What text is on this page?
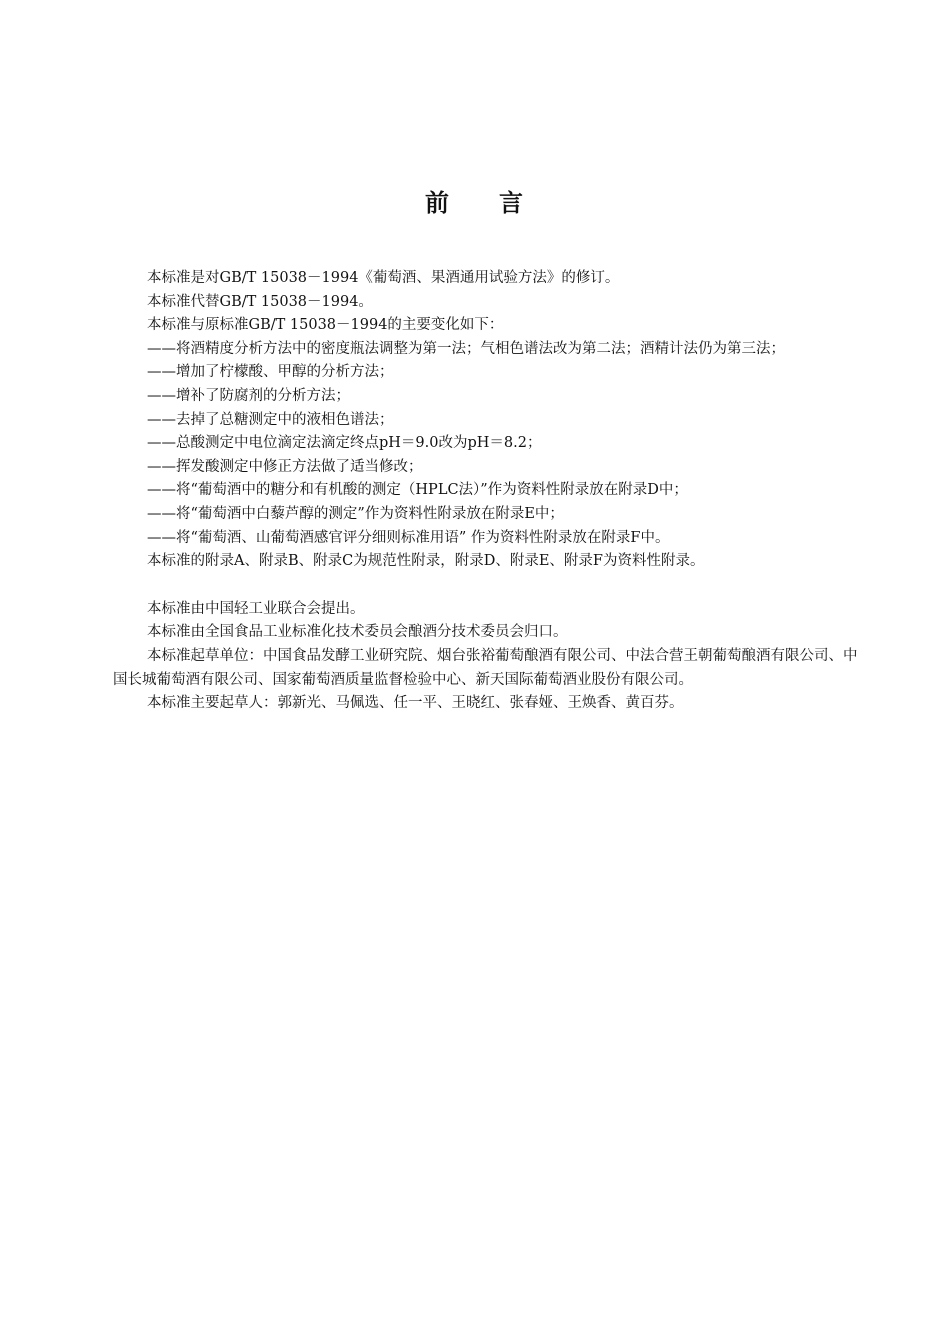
前 言

本标准是对GB/T 15038－1994《葡萄酒、果酒通用试验方法》的修订。

本标准代替GB/T 15038－1994。

本标准与原标准GB/T 15038－1994的主要变化如下：

——将酒精度分析方法中的密度瓶法调整为第一法；气相色谱法改为第二法；酒精计法仍为第三法；

——增加了柠檬酸、甲醇的分析方法；

——增补了防腐剂的分析方法；

——去掉了总糖测定中的液相色谱法；

——总酸测定中电位滴定法滴定终点pH＝9.0改为pH＝8.2；

——挥发酸测定中修正方法做了适当修改；

——将“葡萄酒中的糖分和有机酸的测定（HPLC法）”作为资料性附录放在附录D中；

——将“葡萄酒中白藜芦醇的测定”作为资料性附录放在附录E中；

——将“葡萄酒、山葡萄酒感官评分细则标准用语” 作为资料性附录放在附录F中。

本标准的附录A、附录B、附录C为规范性附录，附录D、附录E、附录F为资料性附录。

本标准由中国轻工业联合会提出。

本标准由全国食品工业标准化技术委员会酿酒分技术委员会归口。

本标准起草单位：中国食品发酵工业研究院、烟台张裕葡萄酿酒有限公司、中法合营王朝葡萄酿酒有限公司、中国长城葡萄酒有限公司、国家葡萄酒质量监督检验中心、新天国际葡萄酒业股份有限公司。

本标准主要起草人：郭新光、马佩选、任一平、王晓红、张春娅、王焕香、黄百芬。
